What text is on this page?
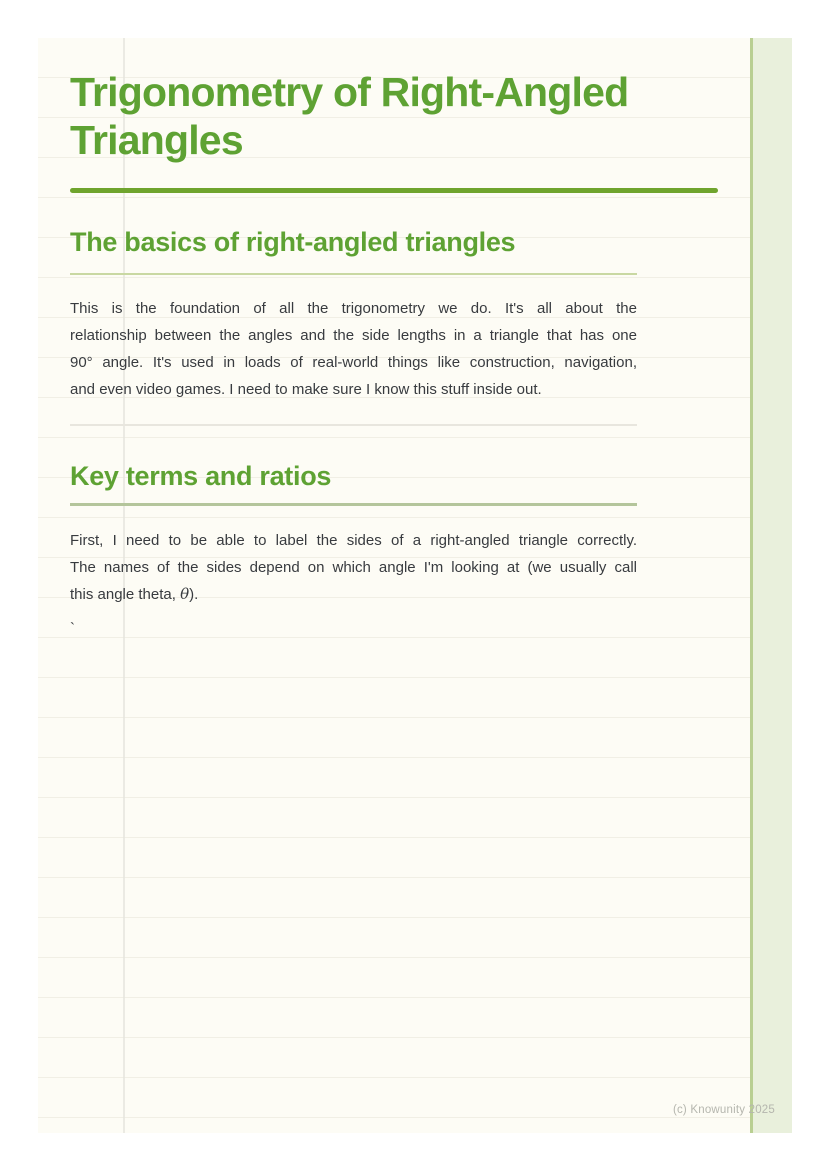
Trigonometry of Right-Angled Triangles
The basics of right-angled triangles
This is the foundation of all the trigonometry we do. It's all about the
relationship between the angles and the side lengths in a triangle that has one
90° angle. It's used in loads of real-world things like construction, navigation,
and even video games. I need to make sure I know this stuff inside out.
Key terms and ratios
First, I need to be able to label the sides of a right-angled triangle correctly.
The names of the sides depend on which angle I'm looking at (we usually call
this angle theta, θ).
`
(c) Knowunity 2025
